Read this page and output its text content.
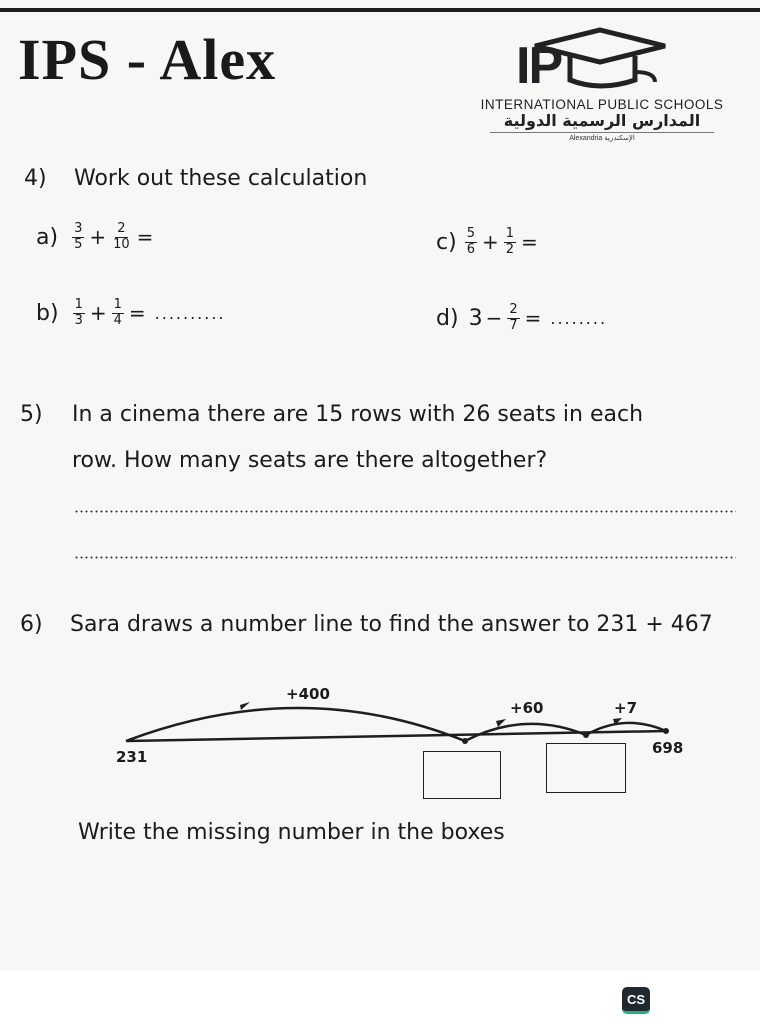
IPS - Alex	IP
INTERNATIONAL PUBLIC SCHOOLS
المدارس الرسمية الدولية
Alexandria الإسكندرية
4) Work out these calculation
$a) \frac{3}{5} + \frac{2}{10}$ =
	$c) \frac{5}{6} + \frac{1}{2}$ =

$b) \frac{1}{3} + \frac{1}{4}$ = ..........	d) $3 - \frac{2}{7}$ = ........
5) In a cinema there are 15 rows with 26 seats in each
row. How many seats are there altogether?
6) Sara draws a number line to find the answer to 231 + 467
231	698
+400
+60	+7
Write the missing number in the boxes
CS
